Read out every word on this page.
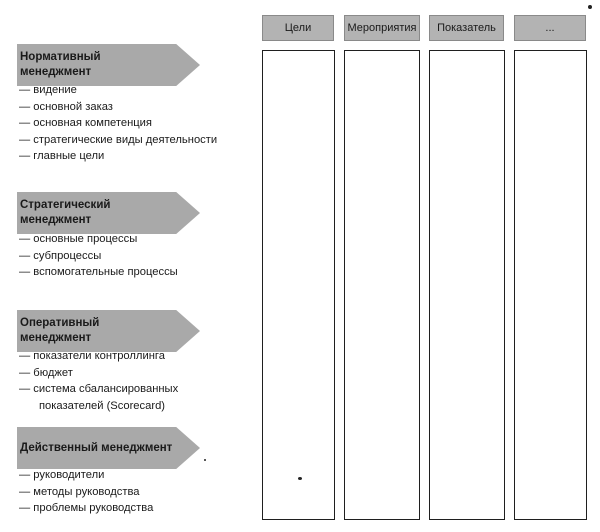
Цели	Мероприятия	Показатель	...
Нормативный
менеджмент
— видение
— основной заказ
— основная компетенция
— стратегические виды деятельности
— главные цели
Стратегический
менеджмент
— основные процессы
— субпроцессы
— вспомогательные процессы
Оперативный
менеджмент
— показатели контроллинга
— бюджет
— система сбалансированных
показателей (Scorecard)
Действенный менеджмент
— руководители
— методы руководства
— проблемы руководства
